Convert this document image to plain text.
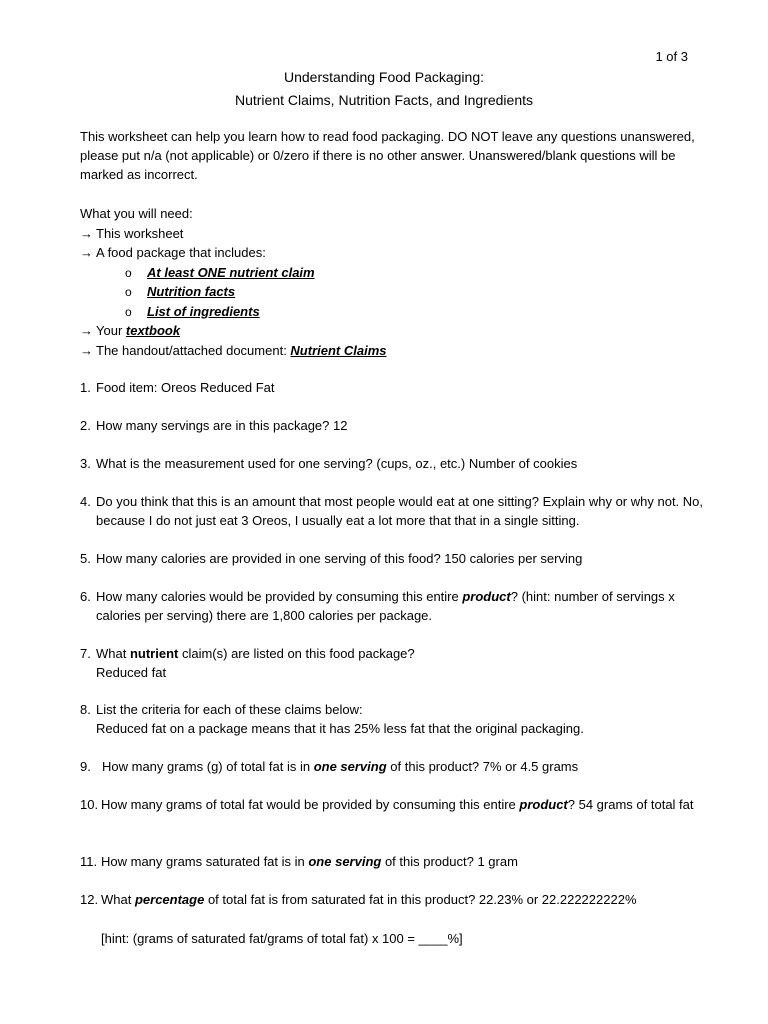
1 of 3
Understanding Food Packaging:
Nutrient Claims, Nutrition Facts, and Ingredients
This worksheet can help you learn how to read food packaging. DO NOT leave any questions unanswered, please put n/a (not applicable) or 0/zero if there is no other answer. Unanswered/blank questions will be marked as incorrect.
What you will need:
→ This worksheet
→ A food package that includes:
o At least ONE nutrient claim
o Nutrition facts
o List of ingredients
→ Your textbook
→ The handout/attached document: Nutrient Claims
1. Food item: Oreos Reduced Fat
2. How many servings are in this package? 12
3. What is the measurement used for one serving? (cups, oz., etc.) Number of cookies
4. Do you think that this is an amount that most people would eat at one sitting? Explain why or why not. No, because I do not just eat 3 Oreos, I usually eat a lot more that that in a single sitting.
5. How many calories are provided in one serving of this food? 150 calories per serving
6. How many calories would be provided by consuming this entire product? (hint: number of servings x calories per serving) there are 1,800 calories per package.
7. What nutrient claim(s) are listed on this food package?
Reduced fat
8. List the criteria for each of these claims below:
Reduced fat on a package means that it has 25% less fat that the original packaging.
9. How many grams (g) of total fat is in one serving of this product? 7% or 4.5 grams
10. How many grams of total fat would be provided by consuming this entire product? 54 grams of total fat
11. How many grams saturated fat is in one serving of this product? 1 gram
12. What percentage of total fat is from saturated fat in this product? 22.23% or 22.222222222%
[hint: (grams of saturated fat/grams of total fat) x 100 = ____%]
